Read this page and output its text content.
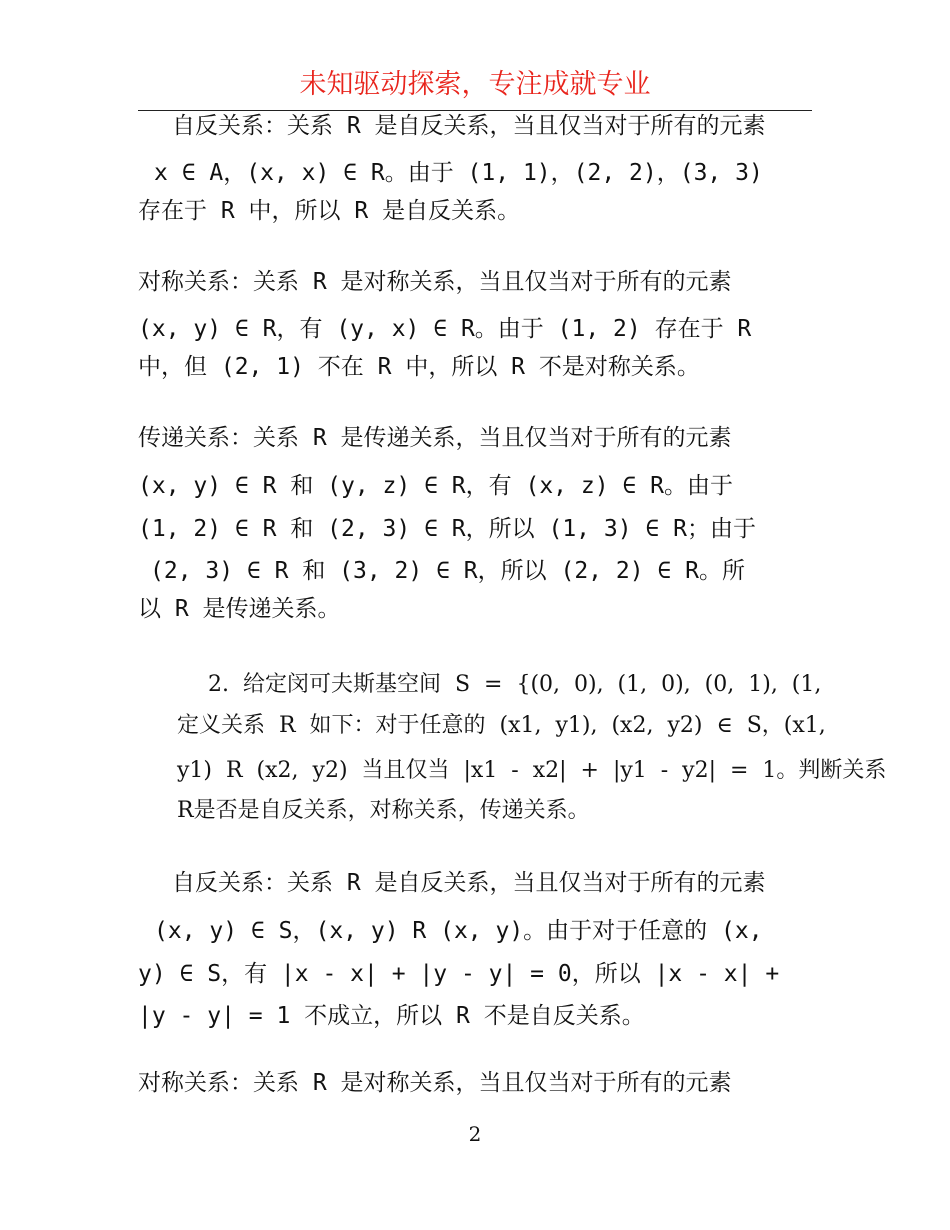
未知驱动探索，专注成就专业
自反关系：关系 R 是自反关系，当且仅当对于所有的元素
x ∈ A，(x, x) ∈ R。由于 (1, 1)，(2, 2)，(3, 3)
存在于 R 中，所以 R 是自反关系。
对称关系：关系 R 是对称关系，当且仅当对于所有的元素
(x, y) ∈ R，有 (y, x) ∈ R。由于 (1, 2) 存在于 R
中，但 (2, 1) 不在 R 中，所以 R 不是对称关系。
传递关系：关系 R 是传递关系，当且仅当对于所有的元素
(x, y) ∈ R 和 (y, z) ∈ R，有 (x, z) ∈ R。由于
(1, 2) ∈ R 和 (2, 3) ∈ R，所以 (1, 3) ∈ R；由于
(2, 3) ∈ R 和 (3, 2) ∈ R，所以 (2, 2) ∈ R。所
以 R 是传递关系。
2.  给定闵可夫斯基空间  S  =  {(0,  0),  (1,  0),  (0,  1),  (1,
定义关系  R  如下：对于任意的  (x1,  y1),  (x2,  y2)  ∈  S，(x1,
y1)  R  (x2,  y2)  当且仅当  |x1  -  x2|  +  |y1  -  y2|  =  1。判断关系
R是否是自反关系，对称关系，传递关系。
自反关系：关系 R 是自反关系，当且仅当对于所有的元素
(x, y) ∈ S，(x, y) R (x, y)。由于对于任意的 (x,
y) ∈ S，有 |x - x| + |y - y| = 0，所以 |x - x| +
|y - y| = 1 不成立，所以 R 不是自反关系。
对称关系：关系 R 是对称关系，当且仅当对于所有的元素
2
